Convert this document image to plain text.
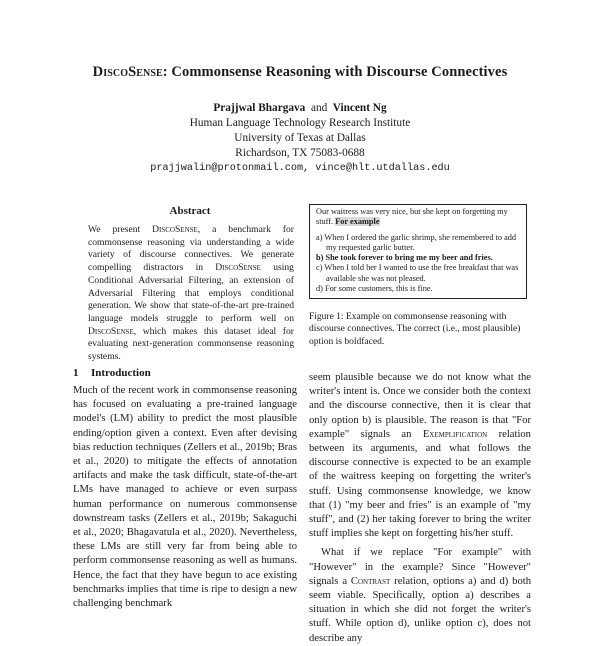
DiscoSense: Commonsense Reasoning with Discourse Connectives
Prajjwal Bhargava and Vincent Ng
Human Language Technology Research Institute
University of Texas at Dallas
Richardson, TX 75083-0688
prajjwalin@protonmail.com, vince@hlt.utdallas.edu
Abstract
We present DiscoSense, a benchmark for commonsense reasoning via understanding a wide variety of discourse connectives. We generate compelling distractors in DiscoSense using Conditional Adversarial Filtering, an extension of Adversarial Filtering that employs conditional generation. We show that state-of-the-art pre-trained language models struggle to perform well on DiscoSense, which makes this dataset ideal for evaluating next-generation commonsense reasoning systems.
1 Introduction
Much of the recent work in commonsense reasoning has focused on evaluating a pre-trained language model's (LM) ability to predict the most plausible ending/option given a context. Even after devising bias reduction techniques (Zellers et al., 2019b; Bras et al., 2020) to mitigate the effects of annotation artifacts and make the task difficult, state-of-the-art LMs have managed to achieve or even surpass human performance on numerous commonsense downstream tasks (Zellers et al., 2019b; Sakaguchi et al., 2020; Bhagavatula et al., 2020). Nevertheless, these LMs are still very far from being able to perform commonsense reasoning as well as humans. Hence, the fact that they have begun to ace existing benchmarks implies that time is ripe to design a new challenging benchmark
Our waitress was very nice, but she kept on forgetting my stuff. For example
a) When I ordered the garlic shrimp, she remembered to add my requested garlic butter.
b) She took forever to bring me my beer and fries.
c) When I told her I wanted to use the free breakfast that was available she was not pleased.
d) For some customers, this is fine.
Figure 1: Example on commonsense reasoning with discourse connectives. The correct (i.e., most plausible) option is boldfaced.

seem plausible because we do not know what the writer's intent is. Once we consider both the context and the discourse connective, then it is clear that only option b) is plausible. The reason is that "For example" signals an Exemplification relation between its arguments, and what follows the discourse connective is expected to be an example of the waitress keeping on forgetting the writer's stuff. Using commonsense knowledge, we know that (1) "my beer and fries" is an example of "my stuff", and (2) her taking forever to bring the writer stuff implies she kept on forgetting his/her stuff.

What if we replace "For example" with "However" in the example? Since "However" signals a Contrast relation, options a) and d) both seem viable. Specifically, option a) describes a situation in which she did not forget the writer's stuff. While option d), unlike option c), does not describe any
